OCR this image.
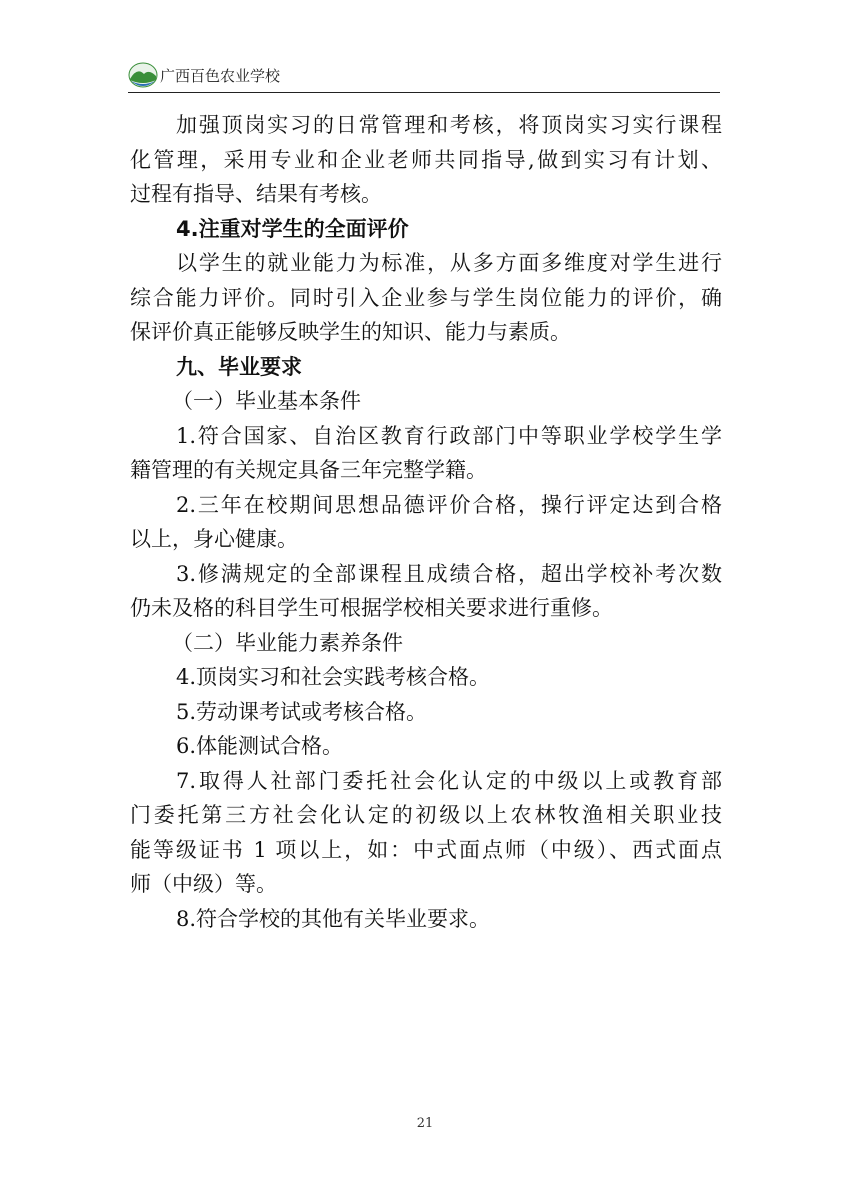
广西百色农业学校
加强顶岗实习的日常管理和考核，将顶岗实习实行课程
化管理，采用专业和企业老师共同指导,做到实习有计划、
过程有指导、结果有考核。
4.注重对学生的全面评价
以学生的就业能力为标准，从多方面多维度对学生进行
综合能力评价。同时引入企业参与学生岗位能力的评价，确
保评价真正能够反映学生的知识、能力与素质。
九、毕业要求
（一）毕业基本条件
1.符合国家、自治区教育行政部门中等职业学校学生学
籍管理的有关规定具备三年完整学籍。
2.三年在校期间思想品德评价合格，操行评定达到合格
以上，身心健康。
3.修满规定的全部课程且成绩合格，超出学校补考次数
仍未及格的科目学生可根据学校相关要求进行重修。
（二）毕业能力素养条件
4.顶岗实习和社会实践考核合格。
5.劳动课考试或考核合格。
6.体能测试合格。
7.取得人社部门委托社会化认定的中级以上或教育部
门委托第三方社会化认定的初级以上农林牧渔相关职业技
能等级证书 1 项以上，如：中式面点师（中级）、西式面点
师（中级）等。
8.符合学校的其他有关毕业要求。
21
